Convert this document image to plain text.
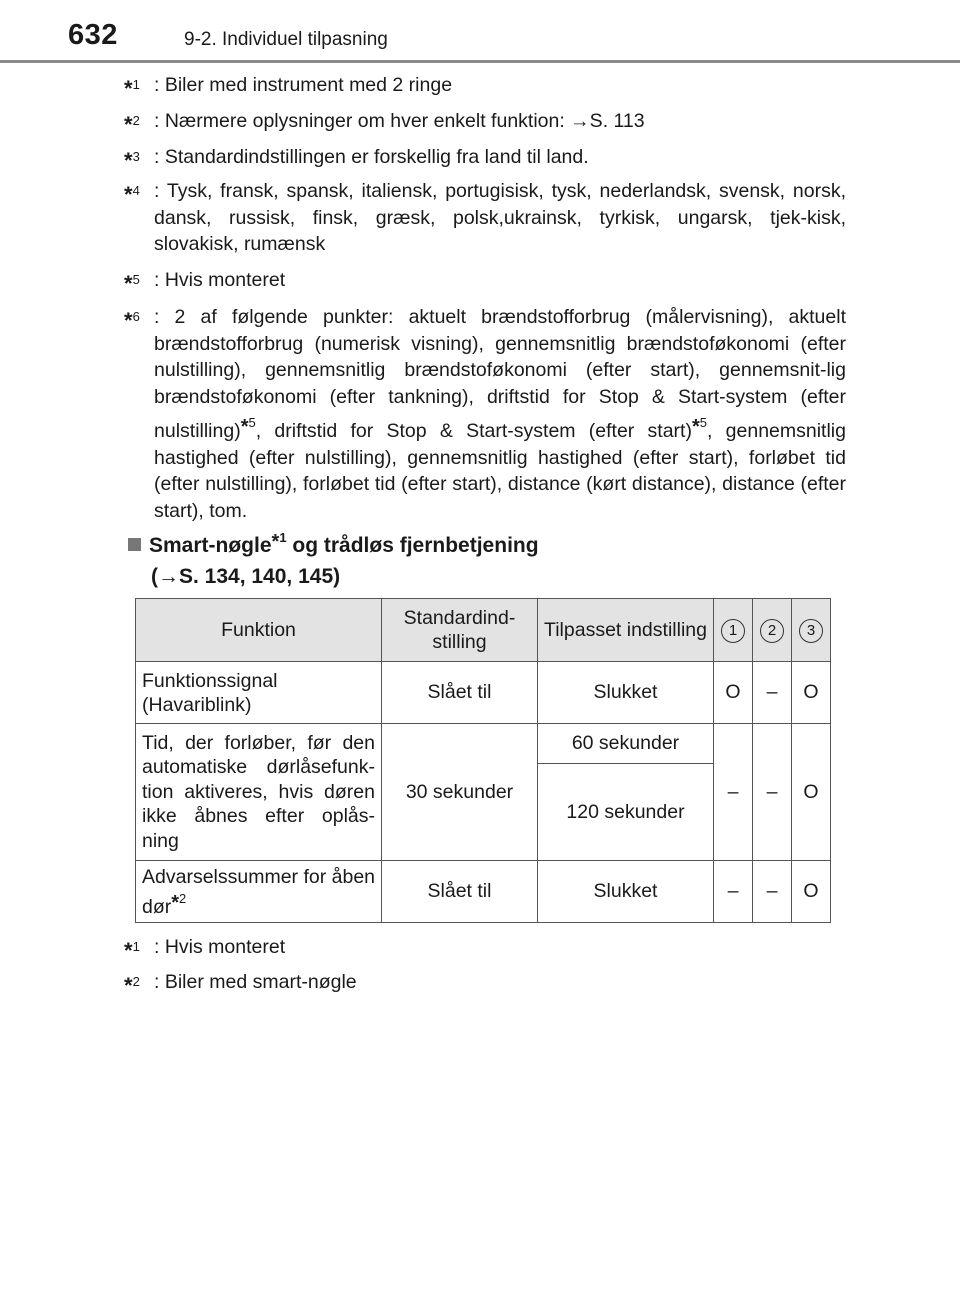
632	9-2. Individuel tilpasning
*$^1$ : Biler med instrument med 2 ringe
*$^2$ : Nærmere oplysninger om hver enkelt funktion: →S. 113
*$^3$ : Standardindstillingen er forskellig fra land til land.
*$^4$ : Tysk, fransk, spansk, italiensk, portugisisk, tysk, nederlandsk, svensk, norsk, dansk, russisk, finsk, græsk, polsk,ukrainsk, tyrkisk, ungarsk, tjek-kisk, slovakisk, rumænsk
*$^5$ : Hvis monteret
*$^6$ : 2 af følgende punkter: aktuelt brændstofforbrug (målervisning), aktuelt brændstofforbrug (numerisk visning), gennemsnitlig brændstoføkonomi (efter nulstilling), gennemsnitlig brændstoføkonomi (efter start), gennemsnit-lig brændstoføkonomi (efter tankning), driftstid for Stop & Start-system (efter nulstilling)*$^5$, driftstid for Stop & Start-system (efter start)*$^5$, gennemsnitlig hastighed (efter nulstilling), gennemsnitlig hastighed (efter start), forløbet tid (efter nulstilling), forløbet tid (efter start), distance (kørt distance), distance (efter start), tom.
Smart-nøgle*$^1$ og trådløs fjernbetjening
(→S. 134, 140, 145)
Funktion	Standardind-stilling	Tilpasset indstilling	1	2	3
Funktionssignal (Havariblink)	Slået til	Slukket	O	–	O

Tid, der forløber, før den automatiske dørlåsefunk-tion aktiveres, hvis døren ikke åbnes efter oplås-ning	30 sekunder	60 sekunder	–	–	O
		120 sekunder			
Advarselssummer for åben dør*$^2$	Slået til	Slukket	–	–	O
*$^1$ : Hvis monteret
*$^2$ : Biler med smart-nøgle
